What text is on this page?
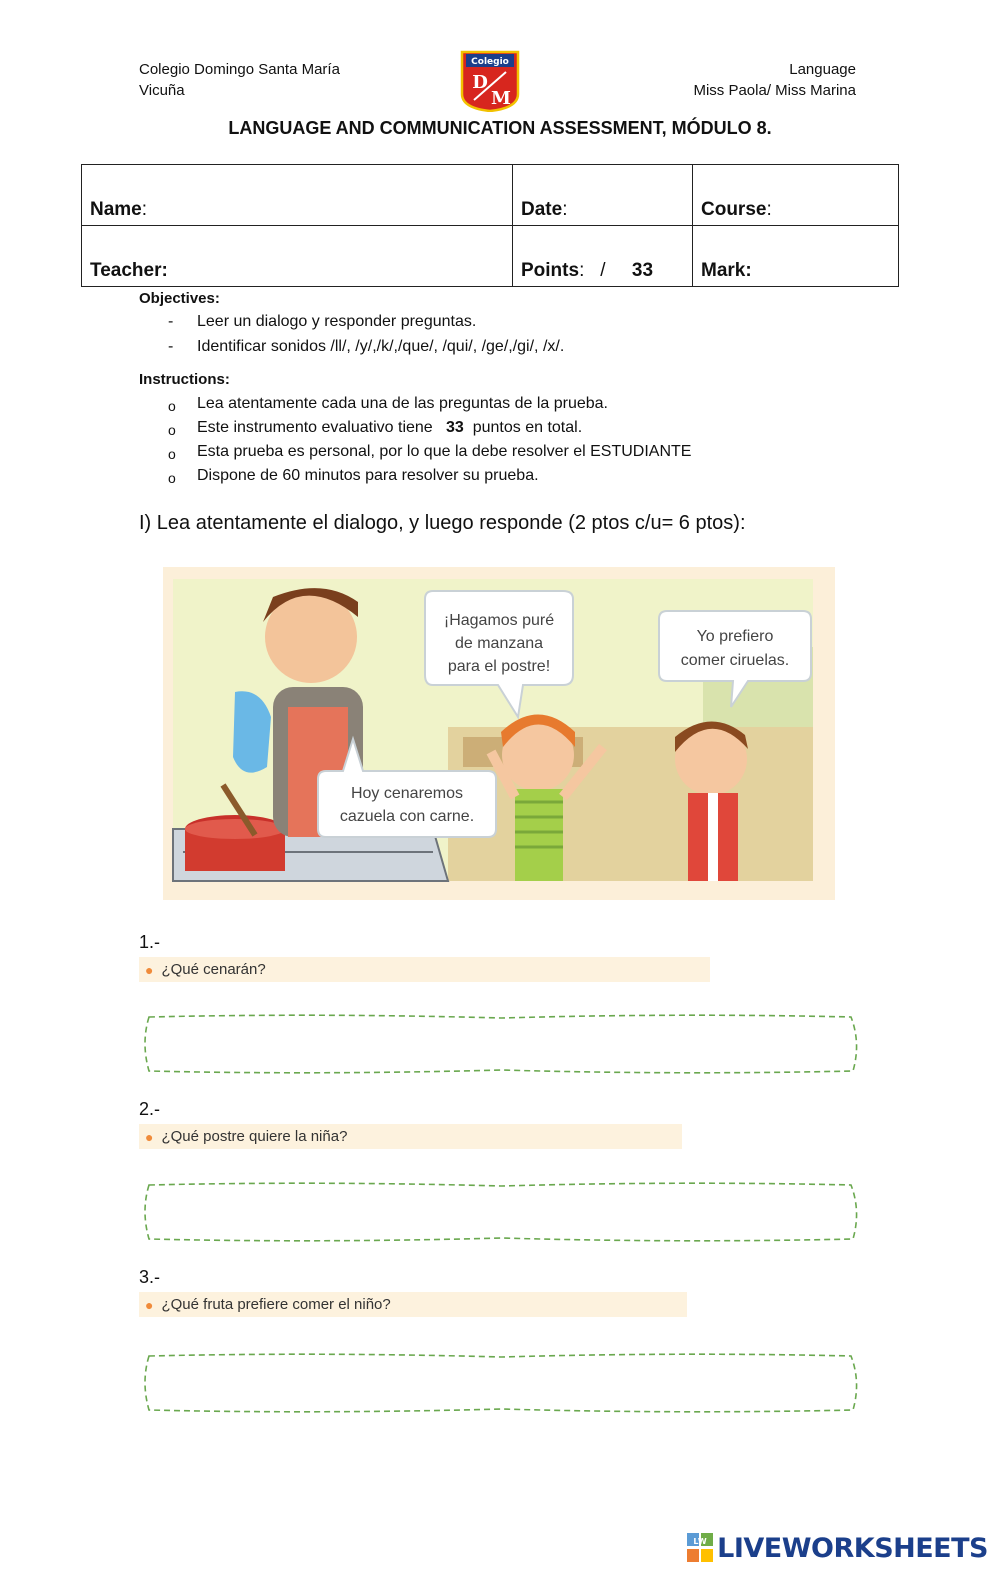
Colegio Domingo Santa María
Vicuña
Language
Miss Paola/ Miss Marina
Colegio
D
M
LANGUAGE AND COMMUNICATION ASSESSMENT, MÓDULO 8.
Name:	Date:	Course:
Teacher:	Points: / 33	Mark:
Objectives:
- Leer un dialogo y responder preguntas.
- Identificar sonidos /ll/, /y/,/k/,/que/, /qui/, /ge/,/gi/, /x/.
Instructions:
o Lea atentamente cada una de las preguntas de la prueba.
o Este instrumento evaluativo tiene 33 puntos en total.
o Esta prueba es personal, por lo que la debe resolver el ESTUDIANTE
o Dispone de 60 minutos para resolver su prueba.
I) Lea atentamente el dialogo, y luego responde (2 ptos c/u= 6 ptos):
¡Hagamos puré
de manzana
para el postre!
Yo prefiero
comer ciruelas.
Hoy cenaremos
cazuela con carne.
1.-
● ¿Qué cenarán?
2.-
● ¿Qué postre quiere la niña?
3.-
● ¿Qué fruta prefiere comer el niño?
LW LIVEWORKSHEETS
